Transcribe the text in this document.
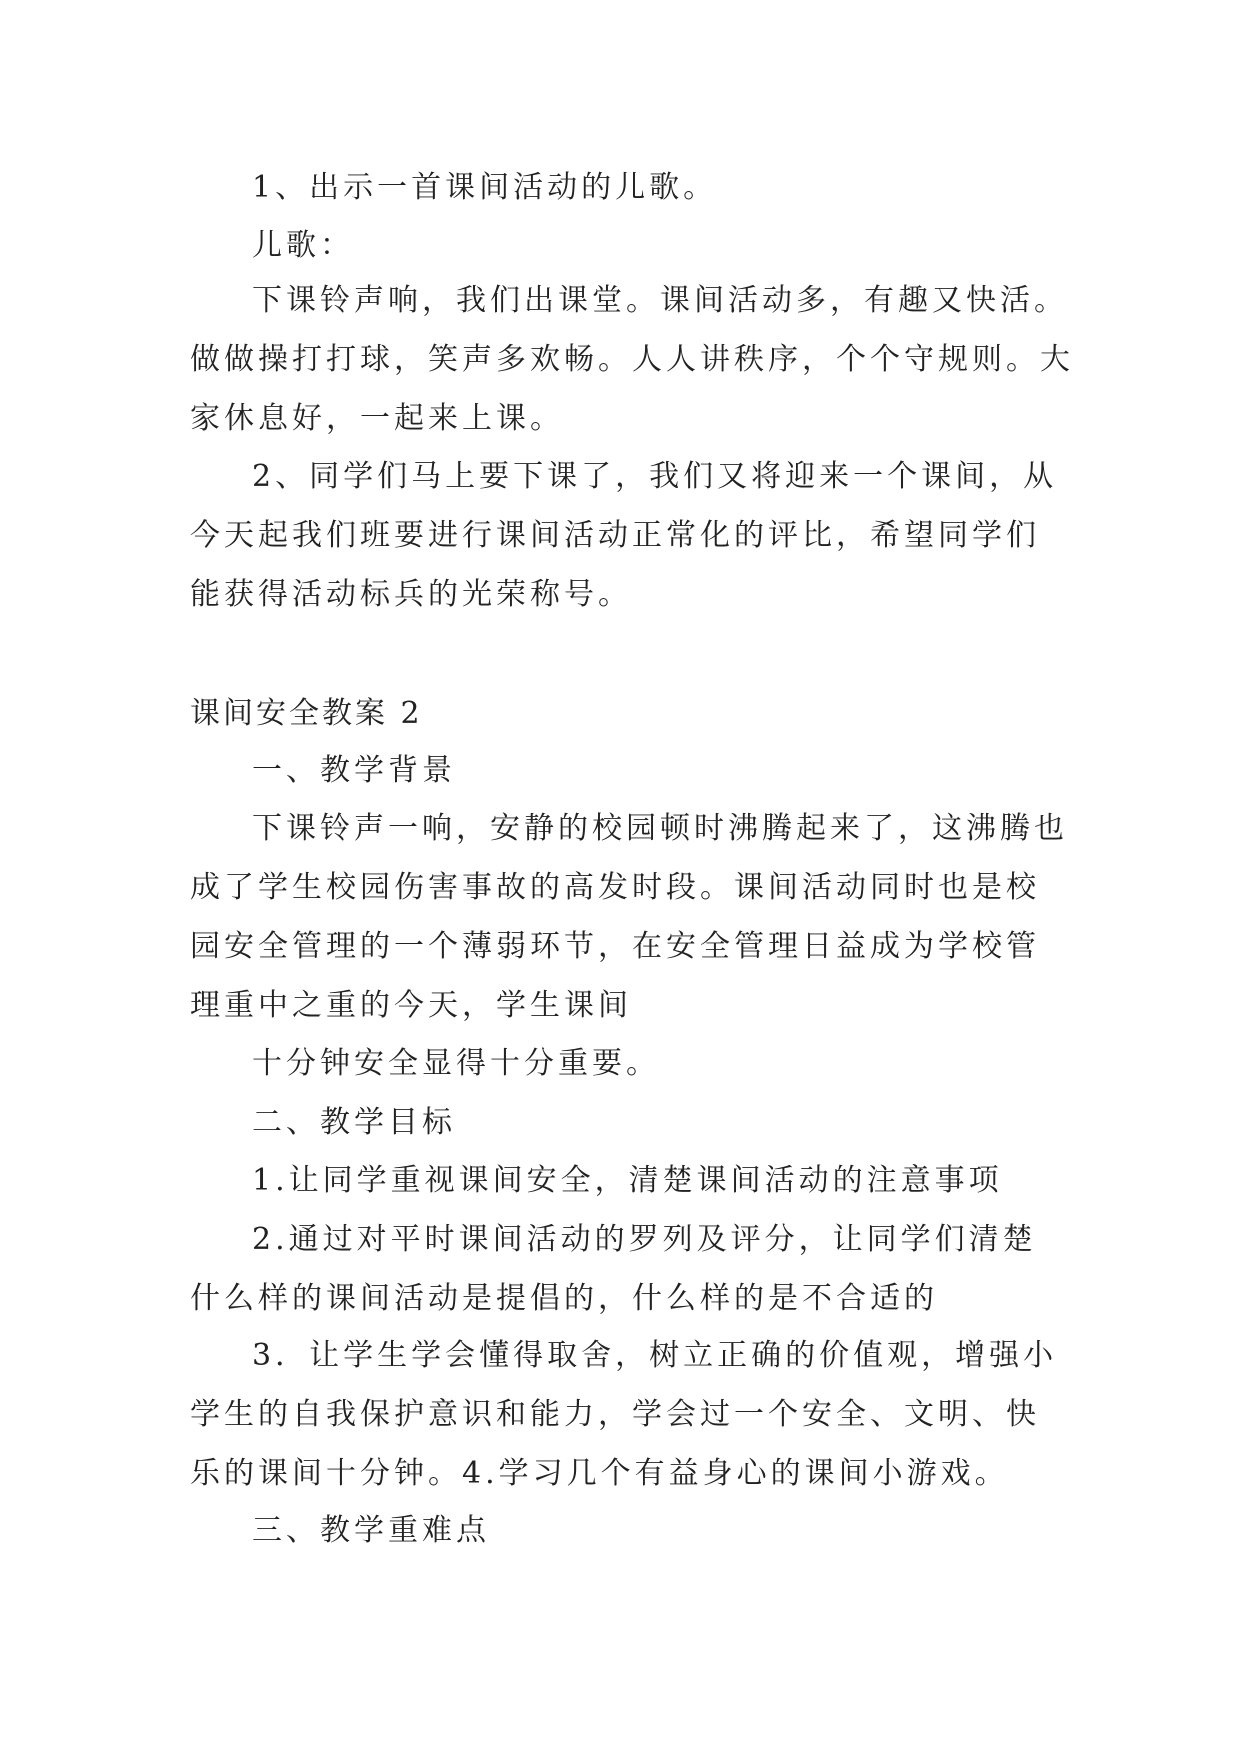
1、出示一首课间活动的儿歌。

儿歌：

下课铃声响，我们出课堂。课间活动多，有趣又快活。做做操打打球，笑声多欢畅。人人讲秩序，个个守规则。大家休息好，一起来上课。

2、同学们马上要下课了，我们又将迎来一个课间，从今天起我们班要进行课间活动正常化的评比，希望同学们能获得活动标兵的光荣称号。

课间安全教案 2

一、教学背景

下课铃声一响，安静的校园顿时沸腾起来了，这沸腾也成了学生校园伤害事故的高发时段。课间活动同时也是校园安全管理的一个薄弱环节，在安全管理日益成为学校管理重中之重的今天，学生课间

十分钟安全显得十分重要。

二、教学目标

1.让同学重视课间安全，清楚课间活动的注意事项

2.通过对平时课间活动的罗列及评分，让同学们清楚什么样的课间活动是提倡的，什么样的是不合适的

3．让学生学会懂得取舍，树立正确的价值观，增强小学生的自我保护意识和能力，学会过一个安全、文明、快乐的课间十分钟。4.学习几个有益身心的课间小游戏。

三、教学重难点
